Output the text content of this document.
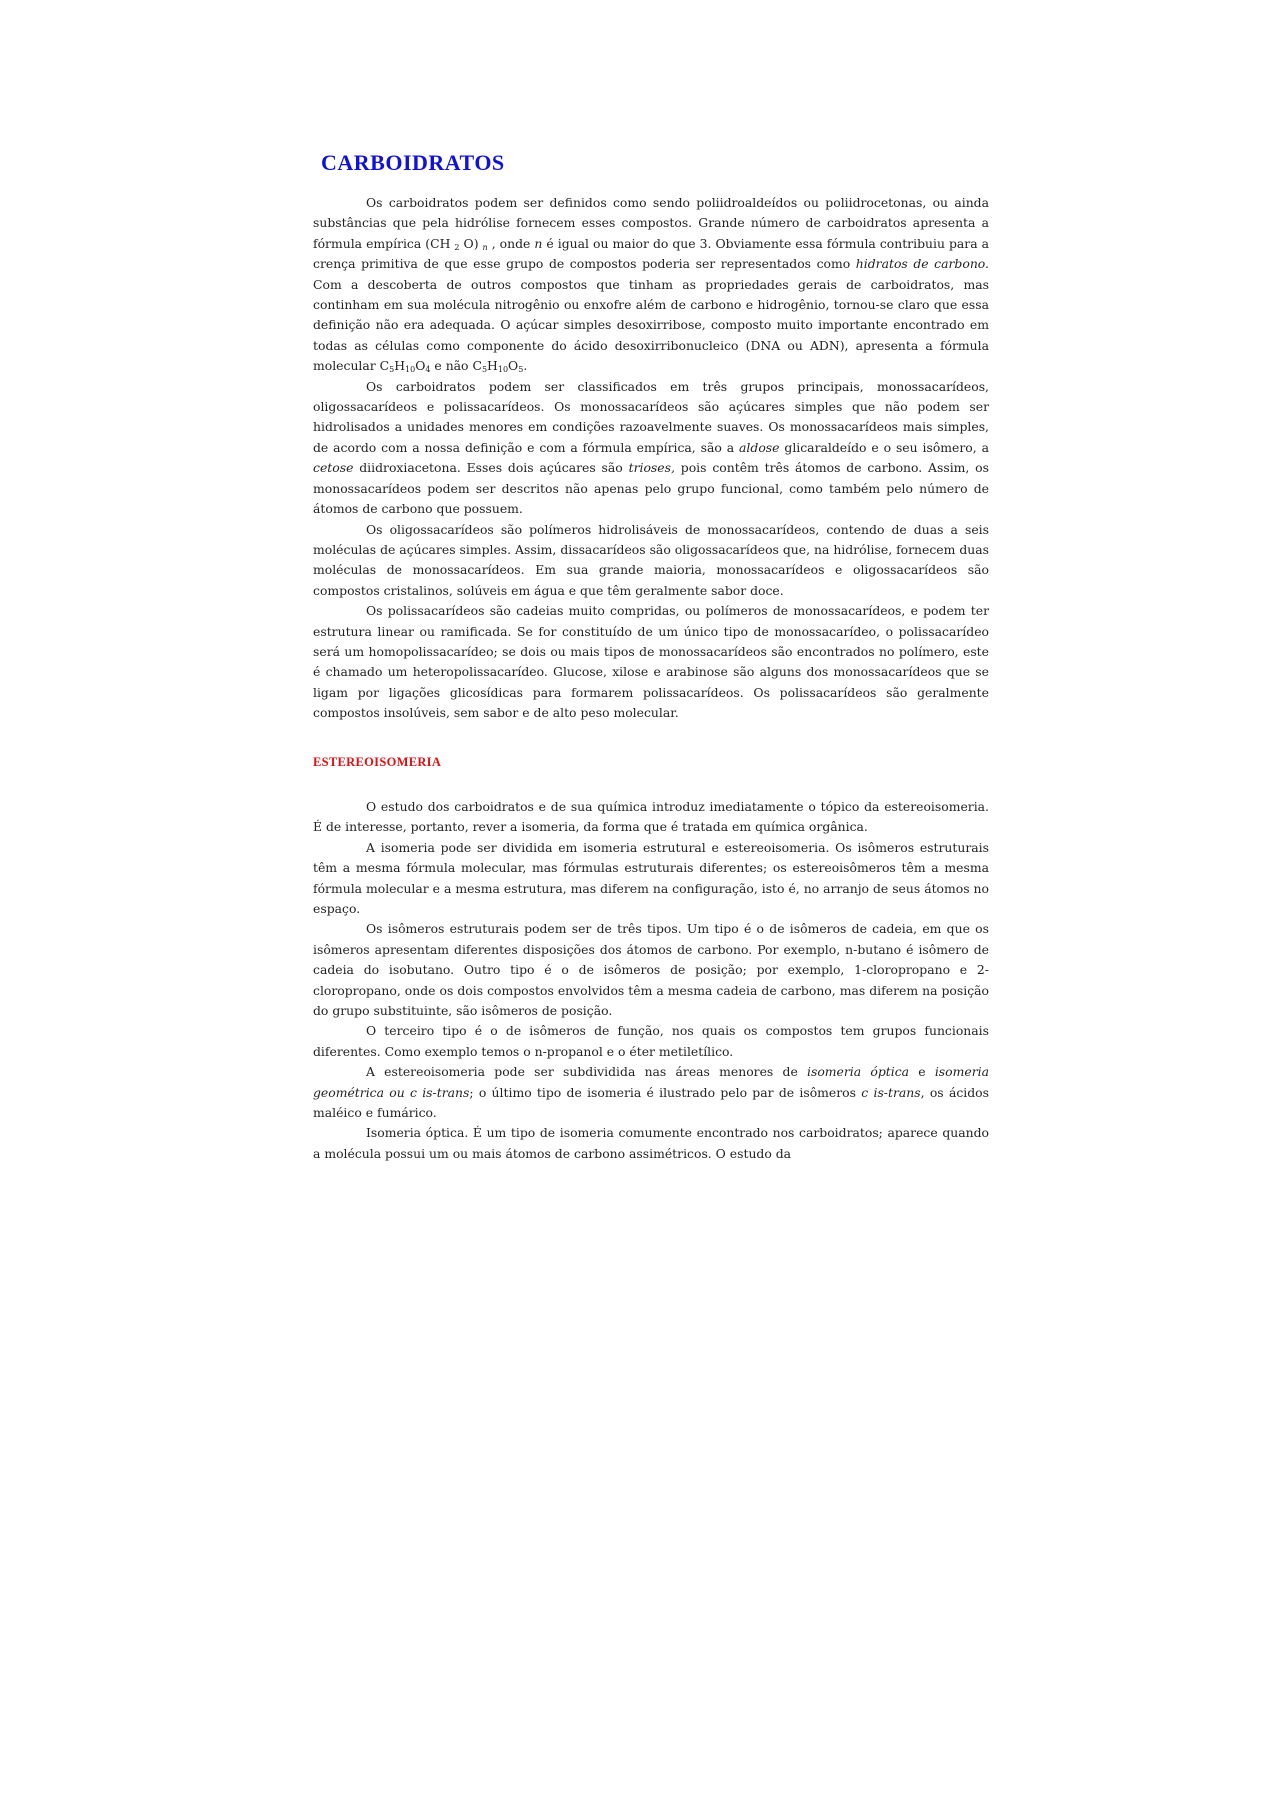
CARBOIDRATOS

Os carboidratos podem ser definidos como sendo poliidroaldeídos ou poliidrocetonas, ou ainda substâncias que pela hidrólise fornecem esses compostos. Grande número de carboidratos apresenta a fórmula empírica (CH $_2$ O) $_n$ , onde n é igual ou maior do que 3. Obviamente essa fórmula contribuiu para a crença primitiva de que esse grupo de compostos poderia ser representados como hidratos de carbono. Com a descoberta de outros compostos que tinham as propriedades gerais de carboidratos, mas continham em sua molécula nitrogênio ou enxofre além de carbono e hidrogênio, tornou-se claro que essa definição não era adequada. O açúcar simples desoxirribose, composto muito importante encontrado em todas as células como componente do ácido desoxirribonucleico (DNA ou ADN), apresenta a fórmula molecular $C_5H_{10}O_4$ e não $C_5H_{10}O_5$.

Os carboidratos podem ser classificados em três grupos principais, monossacarídeos, oligossacarídeos e polissacarídeos. Os monossacarídeos são açúcares simples que não podem ser hidrolisados a unidades menores em condições razoavelmente suaves. Os monossacarídeos mais simples, de acordo com a nossa definição e com a fórmula empírica, são a aldose glicaraldeído e o seu isômero, a cetose diidroxiacetona. Esses dois açúcares são trioses, pois contêm três átomos de carbono. Assim, os monossacarídeos podem ser descritos não apenas pelo grupo funcional, como também pelo número de átomos de carbono que possuem.

Os oligossacarídeos são polímeros hidrolisáveis de monossacarídeos, contendo de duas a seis moléculas de açúcares simples. Assim, dissacarídeos são oligossacarídeos que, na hidrólise, fornecem duas moléculas de monossacarídeos. Em sua grande maioria, monossacarídeos e oligossacarídeos são compostos cristalinos, solúveis em água e que têm geralmente sabor doce.

Os polissacarídeos são cadeias muito compridas, ou polímeros de monossacarídeos, e podem ter estrutura linear ou ramificada. Se for constituído de um único tipo de monossacarídeo, o polissacarídeo será um homopolissacarídeo; se dois ou mais tipos de monossacarídeos são encontrados no polímero, este é chamado um heteropolissacarídeo. Glucose, xilose e arabinose são alguns dos monossacarídeos que se ligam por ligações glicosídicas para formarem polissacarídeos. Os polissacarídeos são geralmente compostos insolúveis, sem sabor e de alto peso molecular.

ESTEREOISOMERIA

O estudo dos carboidratos e de sua química introduz imediatamente o tópico da estereoisomeria. É de interesse, portanto, rever a isomeria, da forma que é tratada em química orgânica.

A isomeria pode ser dividida em isomeria estrutural e estereoisomeria. Os isômeros estruturais têm a mesma fórmula molecular, mas fórmulas estruturais diferentes; os estereoisômeros têm a mesma fórmula molecular e a mesma estrutura, mas diferem na configuração, isto é, no arranjo de seus átomos no espaço.

Os isômeros estruturais podem ser de três tipos. Um tipo é o de isômeros de cadeia, em que os isômeros apresentam diferentes disposições dos átomos de carbono. Por exemplo, n-butano é isômero de cadeia do isobutano. Outro tipo é o de isômeros de posição; por exemplo, 1-cloropropano e 2-cloropropano, onde os dois compostos envolvidos têm a mesma cadeia de carbono, mas diferem na posição do grupo substituinte, são isômeros de posição.

O terceiro tipo é o de isômeros de função, nos quais os compostos tem grupos funcionais diferentes. Como exemplo temos o n-propanol e o éter metiletílico.

A estereoisomeria pode ser subdividida nas áreas menores de isomeria óptica e isomeria geométrica ou c is-trans; o último tipo de isomeria é ilustrado pelo par de isômeros c is-trans, os ácidos maléico e fumárico.

Isomeria óptica. É um tipo de isomeria comumente encontrado nos carboidratos; aparece quando a molécula possui um ou mais átomos de carbono assimétricos. O estudo da
